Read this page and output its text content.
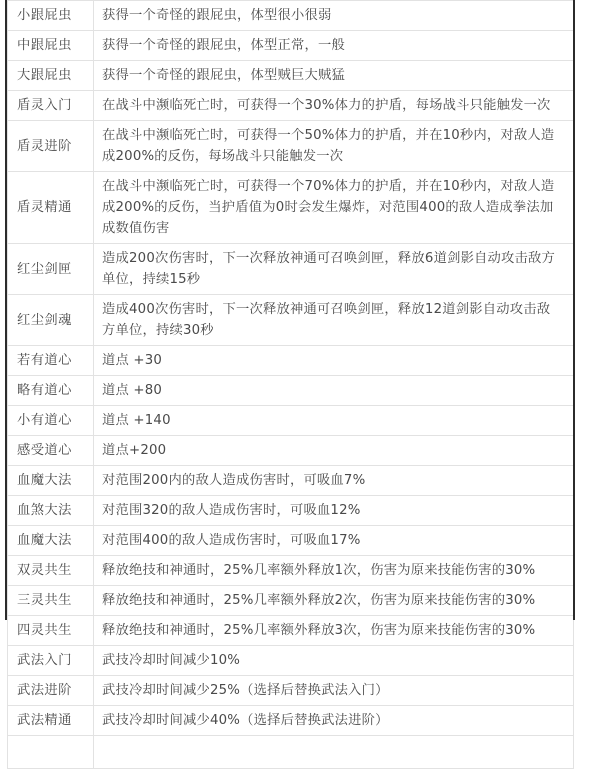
小跟屁虫	获得一个奇怪的跟屁虫，体型很小很弱
中跟屁虫	获得一个奇怪的跟屁虫，体型正常，一般
大跟屁虫	获得一个奇怪的跟屁虫，体型贼巨大贼猛
盾灵入门	在战斗中濒临死亡时，可获得一个30%体力的护盾，每场战斗只能触发一次
盾灵进阶	在战斗中濒临死亡时，可获得一个50%体力的护盾，并在10秒内，对敌人造成200%的反伤，每场战斗只能触发一次
盾灵精通	在战斗中濒临死亡时，可获得一个70%体力的护盾，并在10秒内，对敌人造成200%的反伤，当护盾值为0时会发生爆炸，对范围400的敌人造成拳法加成数值伤害
红尘剑匣	造成200次伤害时，下一次释放神通可召唤剑匣，释放6道剑影自动攻击敌方单位，持续15秒
红尘剑魂	造成400次伤害时，下一次释放神通可召唤剑匣，释放12道剑影自动攻击敌方单位，持续30秒
若有道心	道点 +30
略有道心	道点 +80
小有道心	道点 +140
感受道心	道点+200
血魔大法	对范围200内的敌人造成伤害时，可吸血7%
血煞大法	对范围320的敌人造成伤害时，可吸血12%
血魔大法	对范围400的敌人造成伤害时，可吸血17%
双灵共生	释放绝技和神通时，25%几率额外释放1次，伤害为原来技能伤害的30%
三灵共生	释放绝技和神通时，25%几率额外释放2次，伤害为原来技能伤害的30%
四灵共生	释放绝技和神通时，25%几率额外释放3次，伤害为原来技能伤害的30%
武法入门	武技冷却时间减少10%
武法进阶	武技冷却时间减少25%（选择后替换武法入门）
武法精通	武技冷却时间减少40%（选择后替换武法进阶）
